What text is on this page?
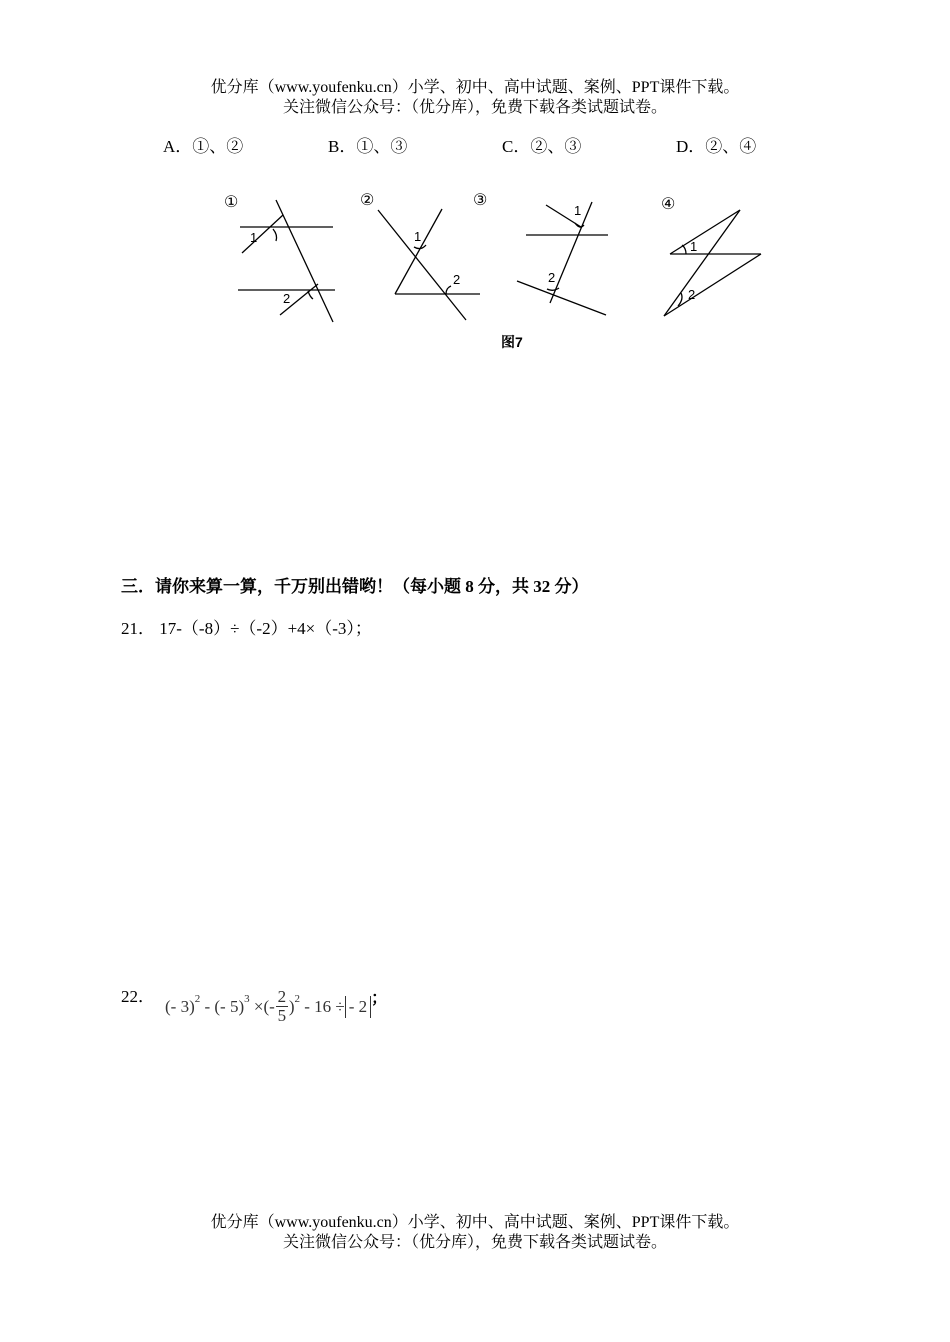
优分库（www.youfenku.cn）小学、初中、高中试题、案例、PPT课件下载。
关注微信公众号：（优分库），免费下载各类试题试卷。
A．①、②	B．①、③	C．②、③	D．②、④
①
1
2
②
1
2
③
1
2
④
1
2
图7
三．请你来算一算，千万别出错哟！（每小题 8 分，共 32 分）
21． 17-（-8）÷（-2）+4×（-3）；
22． (- 3)2 - (- 5)3 ×(- $\frac{2}{5} )2 - 16$ ÷ - 2 ；
优分库（www.youfenku.cn）小学、初中、高中试题、案例、PPT课件下载。
关注微信公众号：（优分库），免费下载各类试题试卷。
